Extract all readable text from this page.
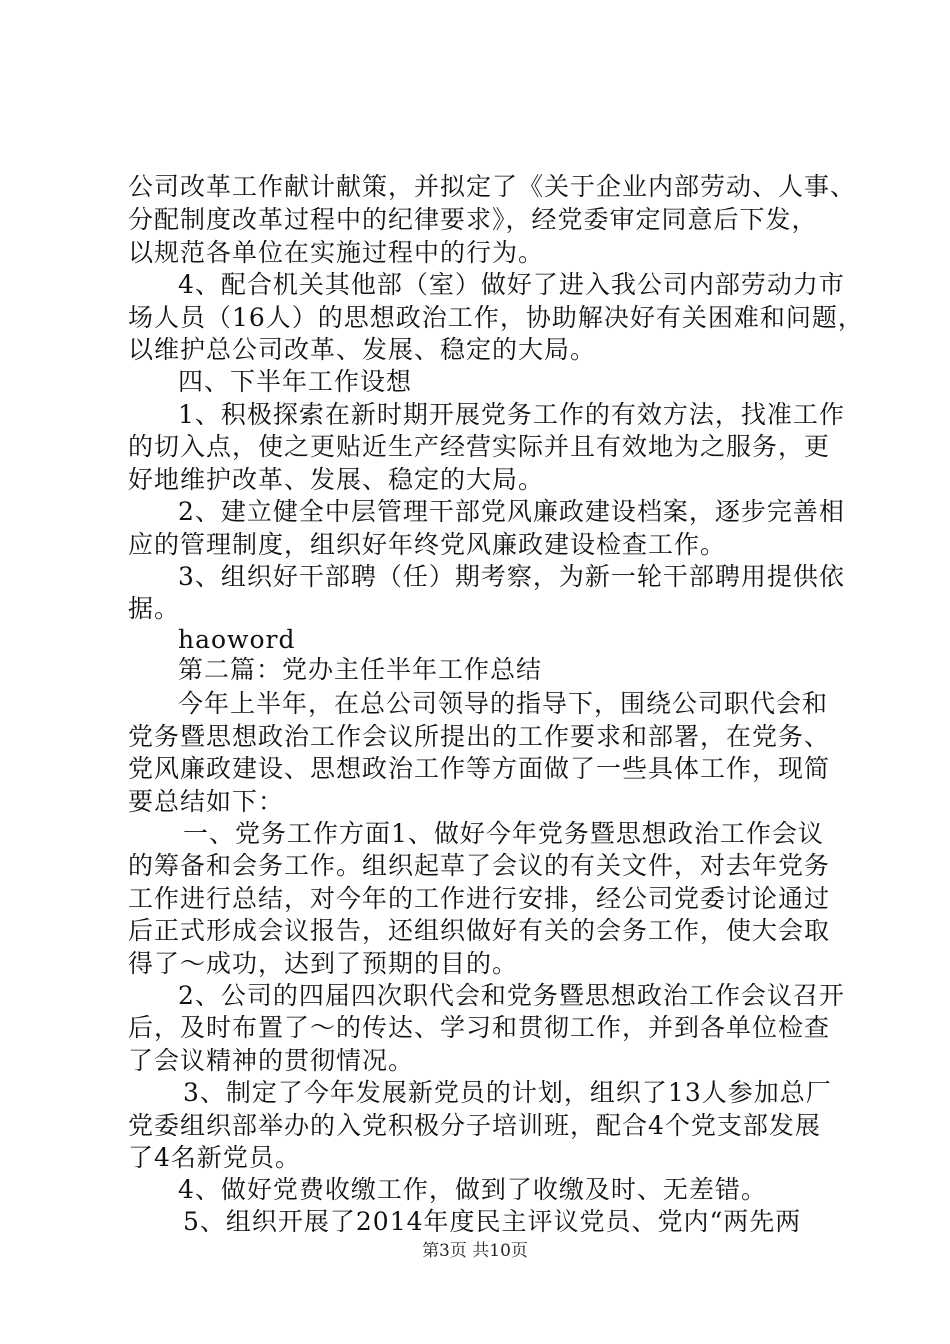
公司改革工作献计献策，并拟定了《关于企业内部劳动、人事、
分配制度改革过程中的纪律要求》，经党委审定同意后下发，
以规范各单位在实施过程中的行为。
4、配合机关其他部（室）做好了进入我公司内部劳动力市
场人员（16人）的思想政治工作，协助解决好有关困难和问题，
以维护总公司改革、发展、稳定的大局。
四、下半年工作设想
1、积极探索在新时期开展党务工作的有效方法，找准工作
的切入点，使之更贴近生产经营实际并且有效地为之服务，更
好地维护改革、发展、稳定的大局。
2、建立健全中层管理干部党风廉政建设档案，逐步完善相
应的管理制度，组织好年终党风廉政建设检查工作。
3、组织好干部聘（任）期考察，为新一轮干部聘用提供依
据。
haoword
第二篇：党办主任半年工作总结
今年上半年，在总公司领导的指导下，围绕公司职代会和
党务暨思想政治工作会议所提出的工作要求和部署，在党务、
党风廉政建设、思想政治工作等方面做了一些具体工作，现简
要总结如下：
一、党务工作方面1、做好今年党务暨思想政治工作会议
的筹备和会务工作。组织起草了会议的有关文件，对去年党务
工作进行总结，对今年的工作进行安排，经公司党委讨论通过
后正式形成会议报告，还组织做好有关的会务工作，使大会取
得了～成功，达到了预期的目的。
2、公司的四届四次职代会和党务暨思想政治工作会议召开
后，及时布置了～的传达、学习和贯彻工作，并到各单位检查
了会议精神的贯彻情况。
3、制定了今年发展新党员的计划，组织了13人参加总厂
党委组织部举办的入党积极分子培训班，配合4个党支部发展
了4名新党员。
4、做好党费收缴工作，做到了收缴及时、无差错。
5、组织开展了2014年度民主评议党员、党内“两先两
第3页 共10页
